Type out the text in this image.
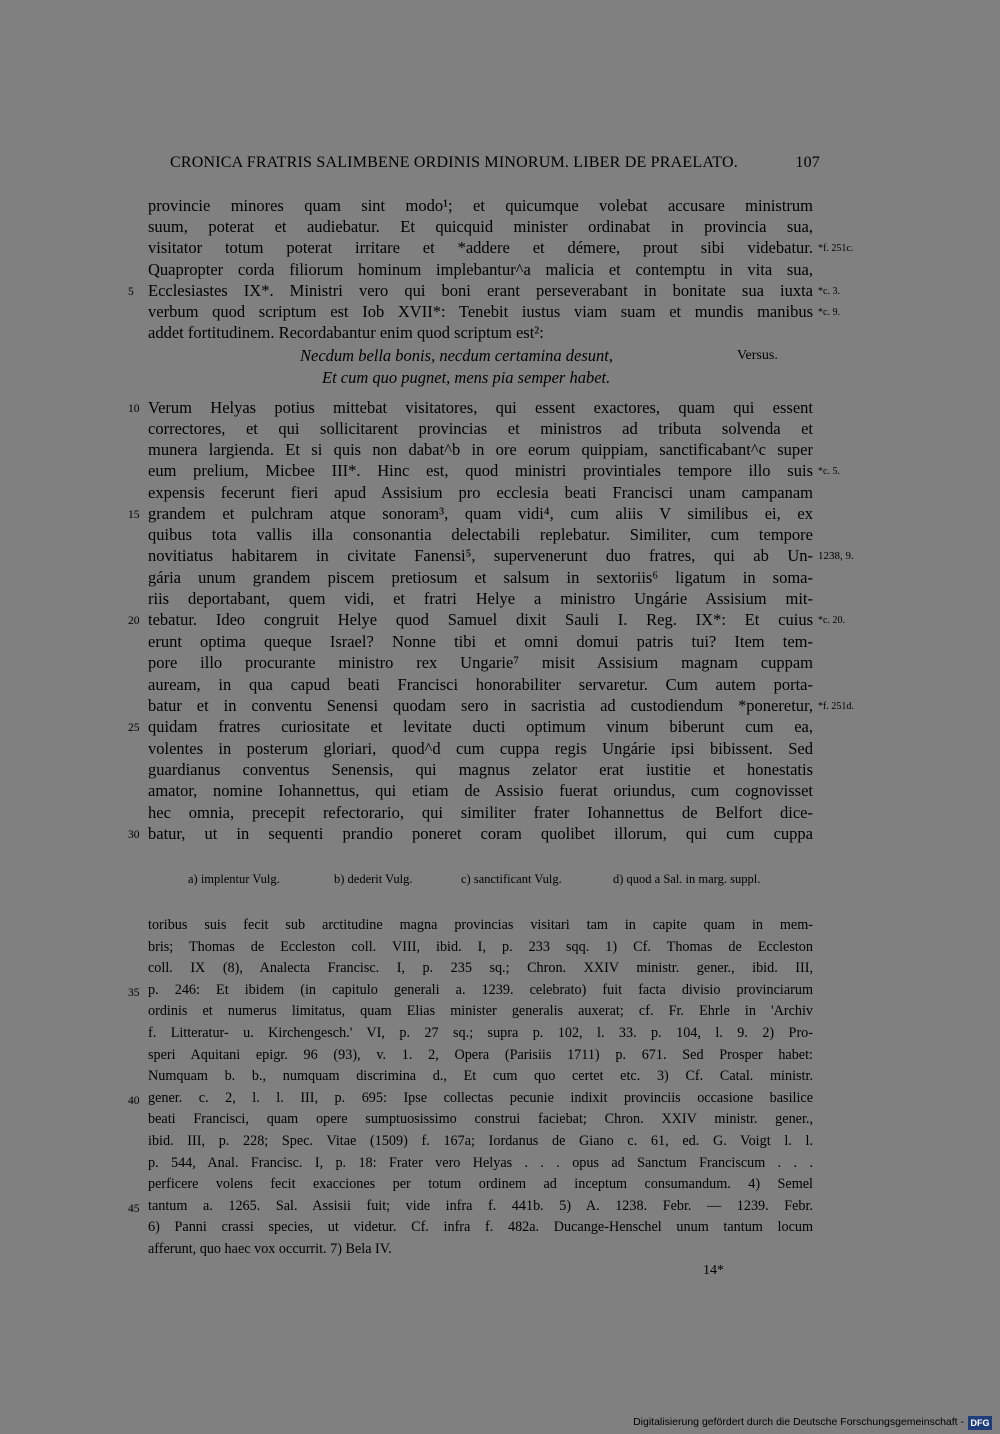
CRONICA FRATRIS SALIMBENE ORDINIS MINORUM. LIBER DE PRAELATO.	107
provincie minores quam sint modo¹; et quicumque volebat accusare ministrum
suum, poterat et audiebatur. Et quicquid minister ordinabat in provincia sua,
visitator totum poterat irritare et *addere et démere, prout sibi videbatur.
Quapropter corda filiorum hominum implebantur^a malicia et contemptu in vita sua,
Ecclesiastes IX*. Ministri vero qui boni erant perseverabant in bonitate sua iuxta
verbum quod scriptum est Iob XVII*: Tenebit iustus viam suam et mundis manibus
addet fortitudinem. Recordabantur enim quod scriptum est²:
Necdum bella bonis, necdum certamina desunt,
Et cum quo pugnet, mens pia semper habet.
Versus.
Verum Helyas potius mittebat visitatores, qui essent exactores, quam qui essent
correctores, et qui sollicitarent provincias et ministros ad tributa solvenda et
munera largienda. Et si quis non dabat^b in ore eorum quippiam, sanctificabant^c super
eum prelium, Micbee III*. Hinc est, quod ministri provintiales tempore illo suis
expensis fecerunt fieri apud Assisium pro ecclesia beati Francisci unam campanam
grandem et pulchram atque sonoram³, quam vidi⁴, cum aliis V similibus ei, ex
quibus tota vallis illa consonantia delectabili replebatur. Similiter, cum tempore
novitiatus habitarem in civitate Fanensi⁵, supervenerunt duo fratres, qui ab Un-
gária unum grandem piscem pretiosum et salsum in sextoriis⁶ ligatum in soma-
riis deportabant, quem vidi, et fratri Helye a ministro Ungárie Assisium mit-
tebatur. Ideo congruit Helye quod Samuel dixit Sauli I. Reg. IX*: Et cuius
erunt optima queque Israel? Nonne tibi et omni domui patris tui? Item tem-
pore illo procurante ministro rex Ungarie⁷ misit Assisium magnam cuppam
auream, in qua capud beati Francisci honorabiliter servaretur. Cum autem porta-
batur et in conventu Senensi quodam sero in sacristia ad custodiendum *poneretur,
quidam fratres curiositate et levitate ducti optimum vinum biberunt cum ea,
volentes in posterum gloriari, quod^d cum cuppa regis Ungárie ipsi bibissent. Sed
guardianus conventus Senensis, qui magnus zelator erat iustitie et honestatis
amator, nomine Iohannettus, qui etiam de Assisio fuerat oriundus, cum cognovisset
hec omnia, precepit refectorario, qui similiter frater Iohannettus de Belfort dice-
batur, ut in sequenti prandio poneret coram quolibet illorum, qui cum cuppa
5
10
15
20
25
30
35
40
45
*f. 251c.
*c. 3.
*c. 9.
*c. 5.
1238, 9.
*c. 20.
*f. 251d.
a) implentur Vulg.	b) dederit Vulg.	c) sanctificant Vulg.	d) quod a Sal. in marg. suppl.
toribus suis fecit sub arctitudine magna provincias visitari tam in capite quam in mem-
bris; Thomas de Eccleston coll. VIII, ibid. I, p. 233 sqq. 1) Cf. Thomas de Eccleston
coll. IX (8), Analecta Francisc. I, p. 235 sq.; Chron. XXIV ministr. gener., ibid. III,
p. 246: Et ibidem (in capitulo generali a. 1239. celebrato) fuit facta divisio provinciarum
ordinis et numerus limitatus, quam Elias minister generalis auxerat; cf. Fr. Ehrle in 'Archiv
f. Litteratur- u. Kirchengesch.' VI, p. 27 sq.; supra p. 102, l. 33. p. 104, l. 9. 2) Pro-
speri Aquitani epigr. 96 (93), v. 1. 2, Opera (Parisiis 1711) p. 671. Sed Prosper habet:
Numquam b. b., numquam discrimina d., Et cum quo certet etc. 3) Cf. Catal. ministr.
gener. c. 2, l. l. III, p. 695: Ipse collectas pecunie indixit provinciis occasione basilice
beati Francisci, quam opere sumptuosissimo construi faciebat; Chron. XXIV ministr. gener.,
ibid. III, p. 228; Spec. Vitae (1509) f. 167a; Iordanus de Giano c. 61, ed. G. Voigt l. l.
p. 544, Anal. Francisc. I, p. 18: Frater vero Helyas . . . opus ad Sanctum Franciscum . . .
perficere volens fecit exacciones per totum ordinem ad inceptum consumandum. 4) Semel
tantum a. 1265. Sal. Assisii fuit; vide infra f. 441b. 5) A. 1238. Febr. — 1239. Febr.
6) Panni crassi species, ut videtur. Cf. infra f. 482a. Ducange-Henschel unum tantum locum
afferunt, quo haec vox occurrit. 7) Bela IV.
14*
Digitalisierung gefördert durch die Deutsche Forschungsgemeinschaft - DFG
